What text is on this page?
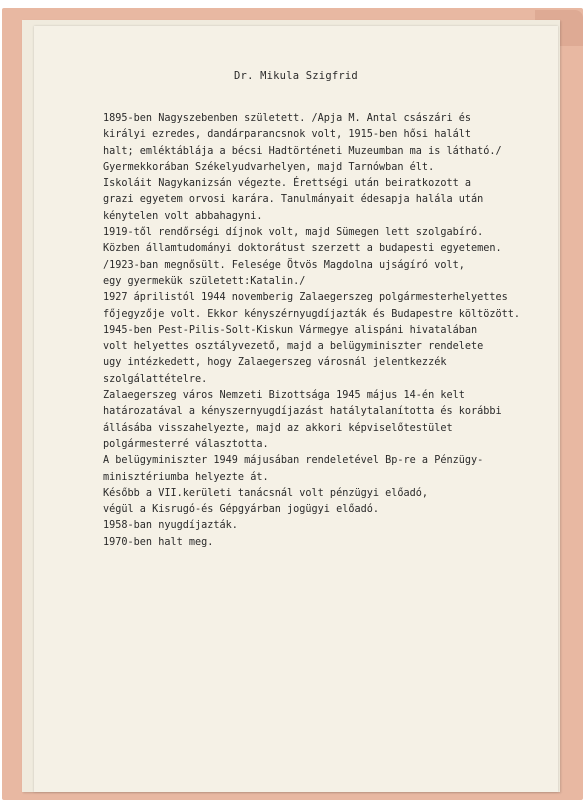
Dr. Mikula Szigfrid
1895-ben Nagyszebenben született. /Apja M. Antal császári és
királyi ezredes, dandárparancsnok volt, 1915-ben hősi halált
halt; emléktáblája a bécsi Hadtörténeti Muzeumban ma is látható./
Gyermekkorában Székelyudvarhelyen, majd Tarnówban élt.
Iskoláit Nagykanizsán végezte. Érettségi után beiratkozott a
grazi egyetem orvosi karára. Tanulmányait édesapja halála után
kénytelen volt abbahagyni.
1919-től rendőrségi díjnok volt, majd Sümegen lett szolgabíró.
Közben államtudományi doktorátust szerzett a budapesti egyetemen.
/1923-ban megnősült. Felesége Ötvös Magdolna ujságíró volt,
egy gyermekük született:Katalin./
1927 áprilistól 1944 novemberig Zalaegerszeg polgármesterhelyettes
főjegyzője volt. Ekkor kényszérnyugdíjazták és Budapestre költözött.
1945-ben Pest-Pilis-Solt-Kiskun Vármegye alispáni hivatalában
volt helyettes osztályvezető, majd a belügyminiszter rendelete
ugy intézkedett, hogy Zalaegerszeg városnál jelentkezzék
szolgálattételre.
Zalaegerszeg város Nemzeti Bizottsága 1945 május 14-én kelt
határozatával a kényszernyugdíjazást hatálytalanította és korábbi
állásába visszahelyezte, majd az akkori képviselőtestület
polgármesterré választotta.
A belügyminiszter 1949 májusában rendeletével Bp-re a Pénzügy-
minisztériumba helyezte át.
Később a VII.kerületi tanácsnál volt pénzügyi előadó,
végül a Kisrugó-és Gépgyárban jogügyi előadó.
1958-ban nyugdíjazták.
1970-ben halt meg.
